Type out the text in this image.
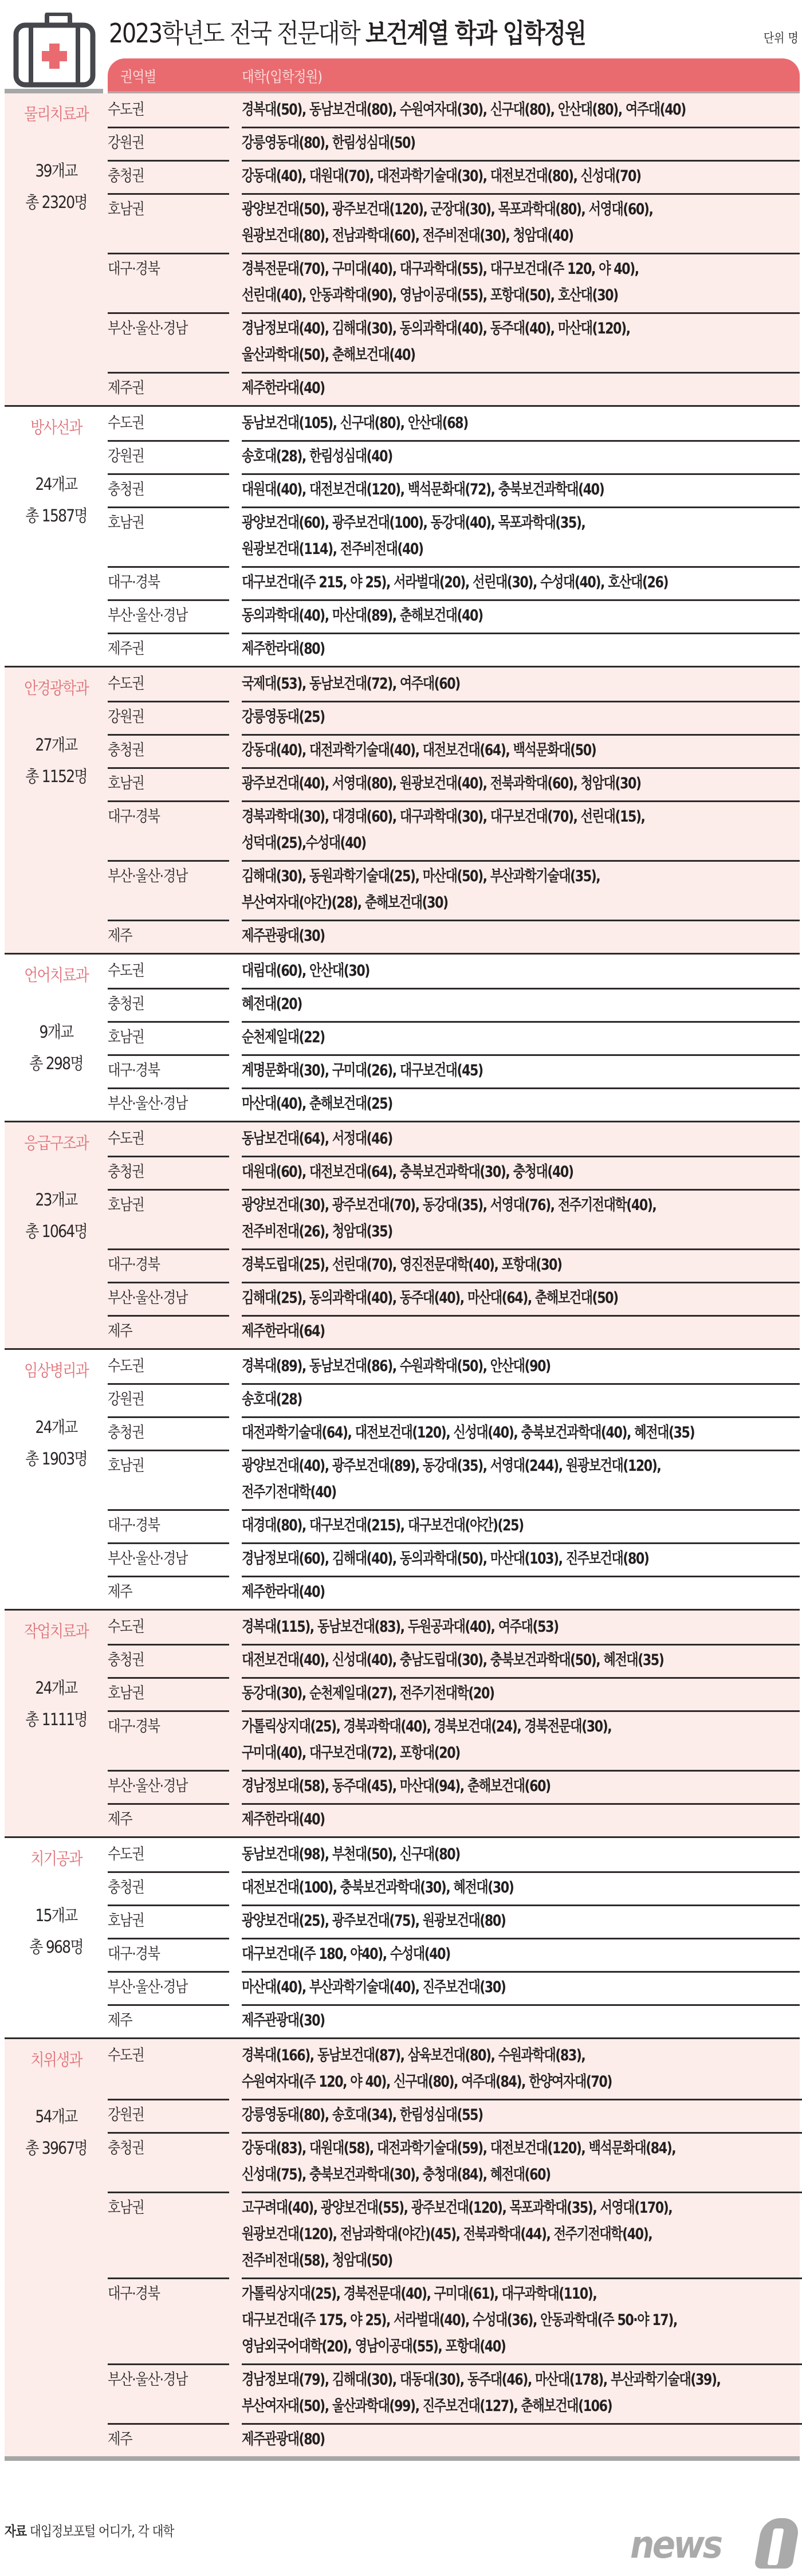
2023학년도 전국 전문대학 보건계열 학과 입학정원	단위 명
권역별	대학(입학정원)
물리치료과
39개교
총 2320명
수도권	경복대(50), 동남보건대(80), 수원여자대(30), 신구대(80), 안산대(80), 여주대(40)
강원권	강릉영동대(80), 한림성심대(50)
충청권	강동대(40), 대원대(70), 대전과학기술대(30), 대전보건대(80), 신성대(70)
호남권	광양보건대(50), 광주보건대(120), 군장대(30), 목포과학대(80), 서영대(60),
원광보건대(80), 전남과학대(60), 전주비전대(30), 청암대(40)
대구·경북	경북전문대(70), 구미대(40), 대구과학대(55), 대구보건대(주 120, 야 40),
선린대(40), 안동과학대(90), 영남이공대(55), 포항대(50), 호산대(30)
부산·울산·경남	경남정보대(40), 김해대(30), 동의과학대(40), 동주대(40), 마산대(120),
울산과학대(50), 춘해보건대(40)
제주권	제주한라대(40)
방사선과
24개교
총 1587명
수도권	동남보건대(105), 신구대(80), 안산대(68)
강원권	송호대(28), 한림성심대(40)
충청권	대원대(40), 대전보건대(120), 백석문화대(72), 충북보건과학대(40)
호남권	광양보건대(60), 광주보건대(100), 동강대(40), 목포과학대(35),
원광보건대(114), 전주비전대(40)
대구·경북	대구보건대(주 215, 야 25), 서라벌대(20), 선린대(30), 수성대(40), 호산대(26)
부산·울산·경남	동의과학대(40), 마산대(89), 춘해보건대(40)
제주권	제주한라대(80)
안경광학과
27개교
총 1152명
수도권	국제대(53), 동남보건대(72), 여주대(60)
강원권	강릉영동대(25)
충청권	강동대(40), 대전과학기술대(40), 대전보건대(64), 백석문화대(50)
호남권	광주보건대(40), 서영대(80), 원광보건대(40), 전북과학대(60), 청암대(30)
대구·경북	경북과학대(30), 대경대(60), 대구과학대(30), 대구보건대(70), 선린대(15),
성덕대(25),수성대(40)
부산·울산·경남	김해대(30), 동원과학기술대(25), 마산대(50), 부산과학기술대(35),
부산여자대(야간)(28), 춘해보건대(30)
제주	제주관광대(30)
언어치료과
9개교
총 298명
수도권	대림대(60), 안산대(30)
충청권	혜전대(20)
호남권	순천제일대(22)
대구·경북	계명문화대(30), 구미대(26), 대구보건대(45)
부산·울산·경남	마산대(40), 춘해보건대(25)
응급구조과
23개교
총 1064명
수도권	동남보건대(64), 서정대(46)
충청권	대원대(60), 대전보건대(64), 충북보건과학대(30), 충청대(40)
호남권	광양보건대(30), 광주보건대(70), 동강대(35), 서영대(76), 전주기전대학(40),
전주비전대(26), 청암대(35)
대구·경북	경북도립대(25), 선린대(70), 영진전문대학(40), 포항대(30)
부산·울산·경남	김해대(25), 동의과학대(40), 동주대(40), 마산대(64), 춘해보건대(50)
제주	제주한라대(64)
임상병리과
24개교
총 1903명
수도권	경복대(89), 동남보건대(86), 수원과학대(50), 안산대(90)
강원권	송호대(28)
충청권	대전과학기술대(64), 대전보건대(120), 신성대(40), 충북보건과학대(40), 혜전대(35)
호남권	광양보건대(40), 광주보건대(89), 동강대(35), 서영대(244), 원광보건대(120),
전주기전대학(40)
대구·경북	대경대(80), 대구보건대(215), 대구보건대(야간)(25)
부산·울산·경남	경남정보대(60), 김해대(40), 동의과학대(50), 마산대(103), 진주보건대(80)
제주	제주한라대(40)
작업치료과
24개교
총 1111명
수도권	경복대(115), 동남보건대(83), 두원공과대(40), 여주대(53)
충청권	대전보건대(40), 신성대(40), 충남도립대(30), 충북보건과학대(50), 혜전대(35)
호남권	동강대(30), 순천제일대(27), 전주기전대학(20)
대구·경북	가톨릭상지대(25), 경북과학대(40), 경북보건대(24), 경북전문대(30),
구미대(40), 대구보건대(72), 포항대(20)
부산·울산·경남	경남정보대(58), 동주대(45), 마산대(94), 춘해보건대(60)
제주	제주한라대(40)
치기공과
15개교
총 968명
수도권	동남보건대(98), 부천대(50), 신구대(80)
충청권	대전보건대(100), 충북보건과학대(30), 혜전대(30)
호남권	광양보건대(25), 광주보건대(75), 원광보건대(80)
대구·경북	대구보건대(주 180, 야40), 수성대(40)
부산·울산·경남	마산대(40), 부산과학기술대(40), 진주보건대(30)
제주	제주관광대(30)
치위생과
54개교
총 3967명
수도권	경복대(166), 동남보건대(87), 삼육보건대(80), 수원과학대(83),
수원여자대(주 120, 야 40), 신구대(80), 여주대(84), 한양여자대(70)
강원권	강릉영동대(80), 송호대(34), 한림성심대(55)
충청권	강동대(83), 대원대(58), 대전과학기술대(59), 대전보건대(120), 백석문화대(84),
신성대(75), 충북보건과학대(30), 충청대(84), 혜전대(60)
호남권	고구려대(40), 광양보건대(55), 광주보건대(120), 목포과학대(35), 서영대(170),
원광보건대(120), 전남과학대(야간)(45), 전북과학대(44), 전주기전대학(40),
전주비전대(58), 청암대(50)
대구·경북	가톨릭상지대(25), 경북전문대(40), 구미대(61), 대구과학대(110),
대구보건대(주 175, 야 25), 서라벌대(40), 수성대(36), 안동과학대(주 50·야 17),
영남외국어대학(20), 영남이공대(55), 포항대(40)
부산·울산·경남	경남정보대(79), 김해대(30), 대동대(30), 동주대(46), 마산대(178), 부산과학기술대(39),
부산여자대(50), 울산과학대(99), 진주보건대(127), 춘해보건대(106)
제주	제주관광대(80)
자료 대입정보포털 어디가, 각 대학	news
